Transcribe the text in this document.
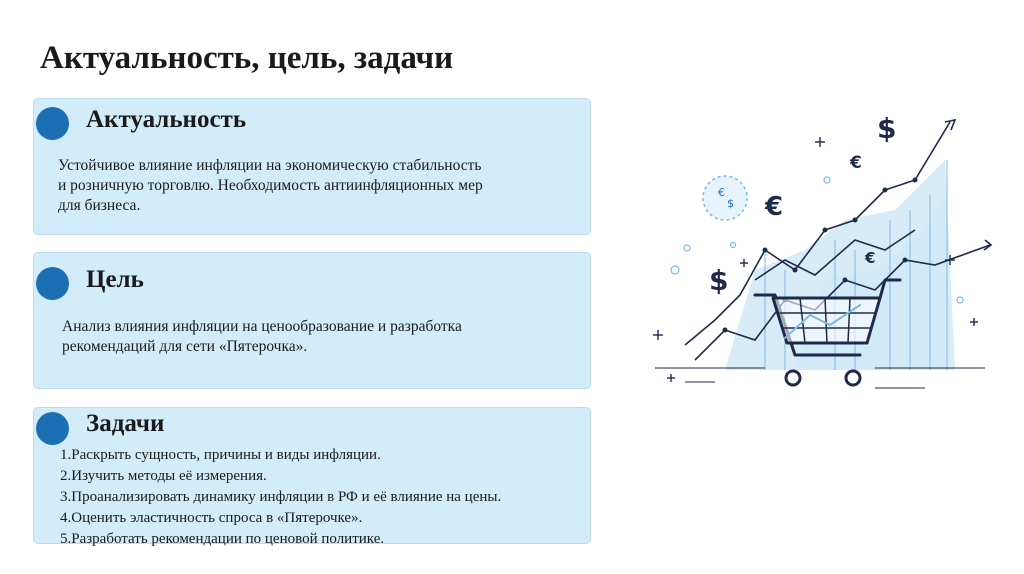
Актуальность, цель, задачи
Актуальность
Устойчивое влияние инфляции на экономическую стабильность
и розничную торговлю. Необходимость антиинфляционных мер
для бизнеса.
Цель
Анализ влияния инфляции на ценообразование и разработка
рекомендаций для сети «Пятерочка».
Задачи
1.Раскрыть сущность, причины и виды инфляции.
2.Изучить методы её измерения.
3.Проанализировать динамику инфляции в РФ и её влияние на цены.
4.Оценить эластичность спроса в «Пятерочке».
5.Разработать рекомендации по ценовой политике.
€
$
$
$
€
€
€
